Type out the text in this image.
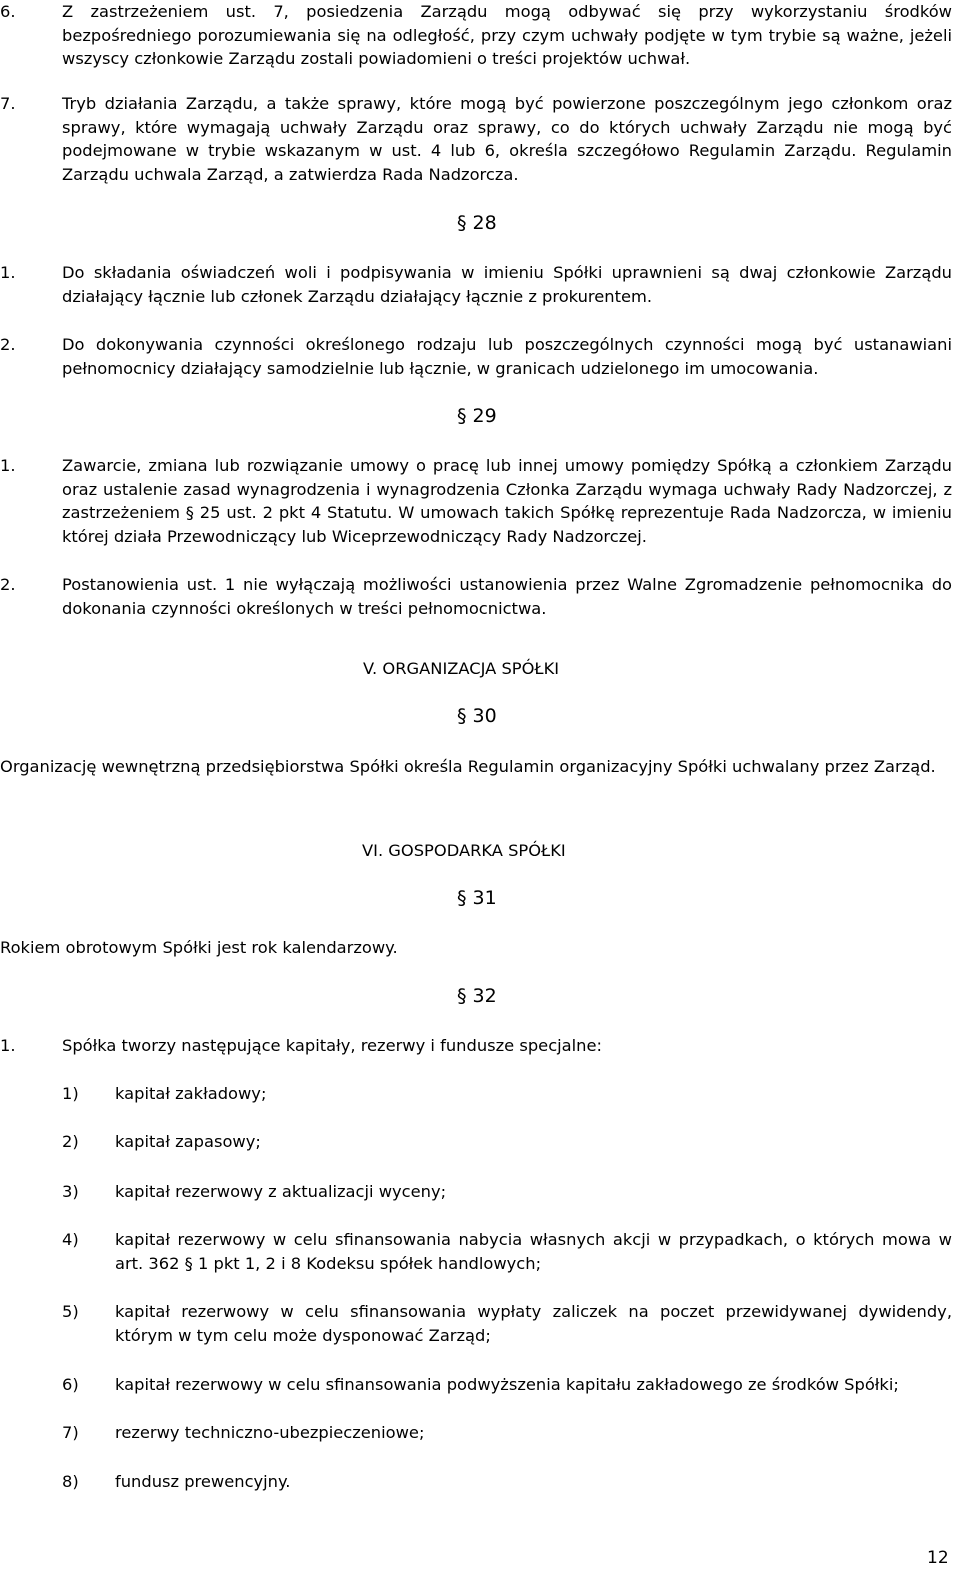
6.	Z zastrzeżeniem ust. 7, posiedzenia Zarządu mogą odbywać się przy wykorzystaniu środków bezpośredniego porozumiewania się na odległość, przy czym uchwały podjęte w tym trybie są ważne, jeżeli wszyscy członkowie Zarządu zostali powiadomieni o treści projektów uchwał.
7.	Tryb działania Zarządu, a także sprawy, które mogą być powierzone poszczególnym jego członkom oraz sprawy, które wymagają uchwały Zarządu oraz sprawy, co do których uchwały Zarządu nie mogą być podejmowane w trybie wskazanym w ust. 4 lub 6, określa szczegółowo Regulamin Zarządu. Regulamin Zarządu uchwala Zarząd, a zatwierdza Rada Nadzorcza.
§ 28
1.	Do składania oświadczeń woli i podpisywania w imieniu Spółki uprawnieni są dwaj członkowie Zarządu działający łącznie lub członek Zarządu działający łącznie z prokurentem.
2.	Do dokonywania czynności określonego rodzaju lub poszczególnych czynności mogą być ustanawiani pełnomocnicy działający samodzielnie lub łącznie, w granicach udzielonego im umocowania.
§ 29
1.	Zawarcie, zmiana lub rozwiązanie umowy o pracę lub innej umowy pomiędzy Spółką a członkiem Zarządu oraz ustalenie zasad wynagrodzenia i wynagrodzenia Członka Zarządu wymaga uchwały Rady Nadzorczej, z zastrzeżeniem § 25 ust. 2 pkt 4 Statutu. W umowach takich Spółkę reprezentuje Rada Nadzorcza, w imieniu której działa Przewodniczący lub Wiceprzewodniczący Rady Nadzorczej.
2.	Postanowienia ust. 1 nie wyłączają możliwości ustanowienia przez Walne Zgromadzenie pełnomocnika do dokonania czynności określonych w treści pełnomocnictwa.
V. ORGANIZACJA SPÓŁKI
§ 30
Organizację wewnętrzną przedsiębiorstwa Spółki określa Regulamin organizacyjny Spółki uchwalany przez Zarząd.
VI. GOSPODARKA SPÓŁKI
§ 31
Rokiem obrotowym Spółki jest rok kalendarzowy.
§ 32
1.	Spółka tworzy następujące kapitały, rezerwy i fundusze specjalne:
1)	kapitał zakładowy;
2)	kapitał zapasowy;
3)	kapitał rezerwowy z aktualizacji wyceny;
4)	kapitał rezerwowy w celu sfinansowania nabycia własnych akcji w przypadkach, o których mowa w art. 362 § 1 pkt 1, 2 i 8 Kodeksu spółek handlowych;
5)	kapitał rezerwowy w celu sfinansowania wypłaty zaliczek na poczet przewidywanej dywidendy, którym w tym celu może dysponować Zarząd;
6)	kapitał rezerwowy w celu sfinansowania podwyższenia kapitału zakładowego ze środków Spółki;
7)	rezerwy techniczno-ubezpieczeniowe;
8)	fundusz prewencyjny.
12
